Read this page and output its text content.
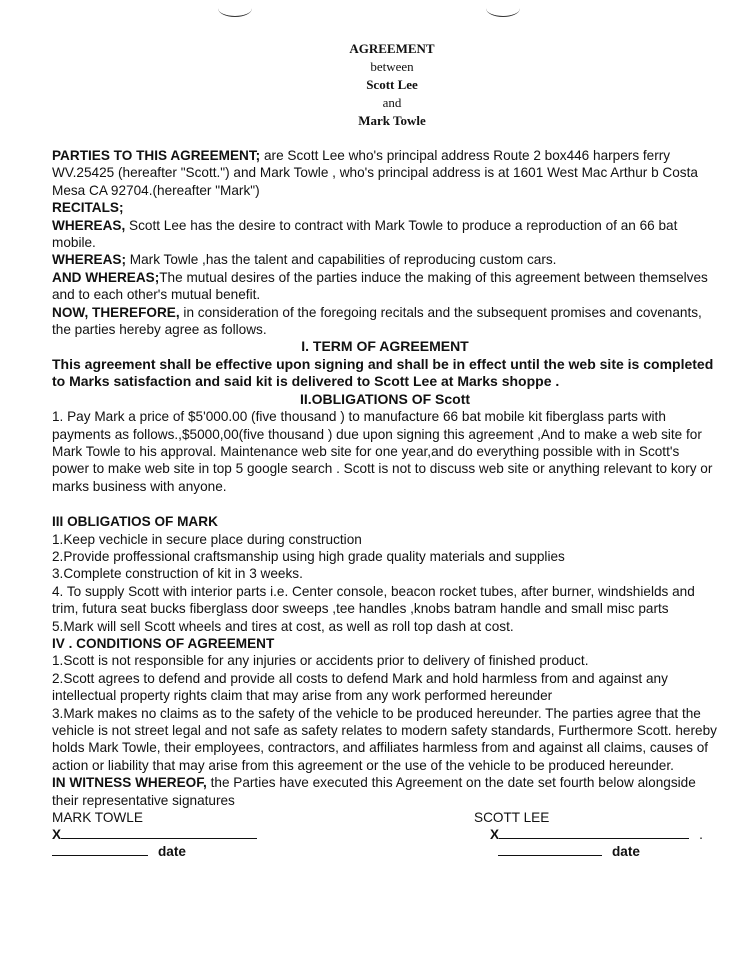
AGREEMENT
between
Scott Lee
and
Mark Towle

PARTIES TO THIS AGREEMENT; are Scott Lee who's principal address Route 2 box446 harpers ferry WV.25425 (hereafter "Scott.") and Mark Towle , who's principal address is at 1601 West Mac Arthur b Costa Mesa CA 92704.(hereafter "Mark")

RECITALS;

WHEREAS, Scott Lee has the desire to contract with Mark Towle to produce a reproduction of an 66 bat mobile.

WHEREAS; Mark Towle ,has the talent and capabilities of reproducing custom cars.

AND WHEREAS;The mutual desires of the parties induce the making of this agreement between themselves and to each other's mutual benefit.

NOW, THEREFORE, in consideration of the foregoing recitals and the subsequent promises and covenants, the parties hereby agree as follows.

I. TERM OF AGREEMENT

This agreement shall be effective upon signing and shall be in effect until the web site is completed to Marks satisfaction and said kit is delivered to Scott Lee at Marks shoppe .

II.OBLIGATIONS OF Scott

1. Pay Mark a price of $5'000.00 (five thousand ) to manufacture 66 bat mobile kit fiberglass parts with payments as follows.,$5000,00(five thousand ) due upon signing this agreement ,And to make a web site for Mark Towle to his approval. Maintenance web site for one year,and do everything possible with in Scott's power to make web site in top 5 google search . Scott is not to discuss web site or anything relevant to kory or marks business with anyone.

III OBLIGATIOS OF MARK

1.Keep vechicle in secure place during construction

2.Provide proffessional craftsmanship using high grade quality materials and supplies

3.Complete construction of kit in 3 weeks.

4. To supply Scott with interior parts i.e. Center console, beacon rocket tubes, after burner, windshields and trim, futura seat bucks fiberglass door sweeps ,tee handles ,knobs batram handle and small misc parts

5.Mark will sell Scott wheels and tires at cost, as well as roll top dash at cost.

IV . CONDITIONS OF AGREEMENT

1.Scott is not responsible for any injuries or accidents prior to delivery of finished product.

2.Scott agrees to defend and provide all costs to defend Mark and hold harmless from and against any intellectual property rights claim that may arise from any work performed hereunder

3.Mark makes no claims as to the safety of the vehicle to be produced hereunder. The parties agree that the vehicle is not street legal and not safe as safety relates to modern safety standards, Furthermore Scott. hereby holds Mark Towle, their employees, contractors, and affiliates harmless from and against all claims, causes of action or liability that may arise from this agreement or the use of the vehicle to be produced hereunder.

IN WITNESS WHEREOF, the Parties have executed this Agreement on the date set fourth below alongside their representative signatures

MARK TOWLE
X
date
SCOTT LEE
X	.
date
